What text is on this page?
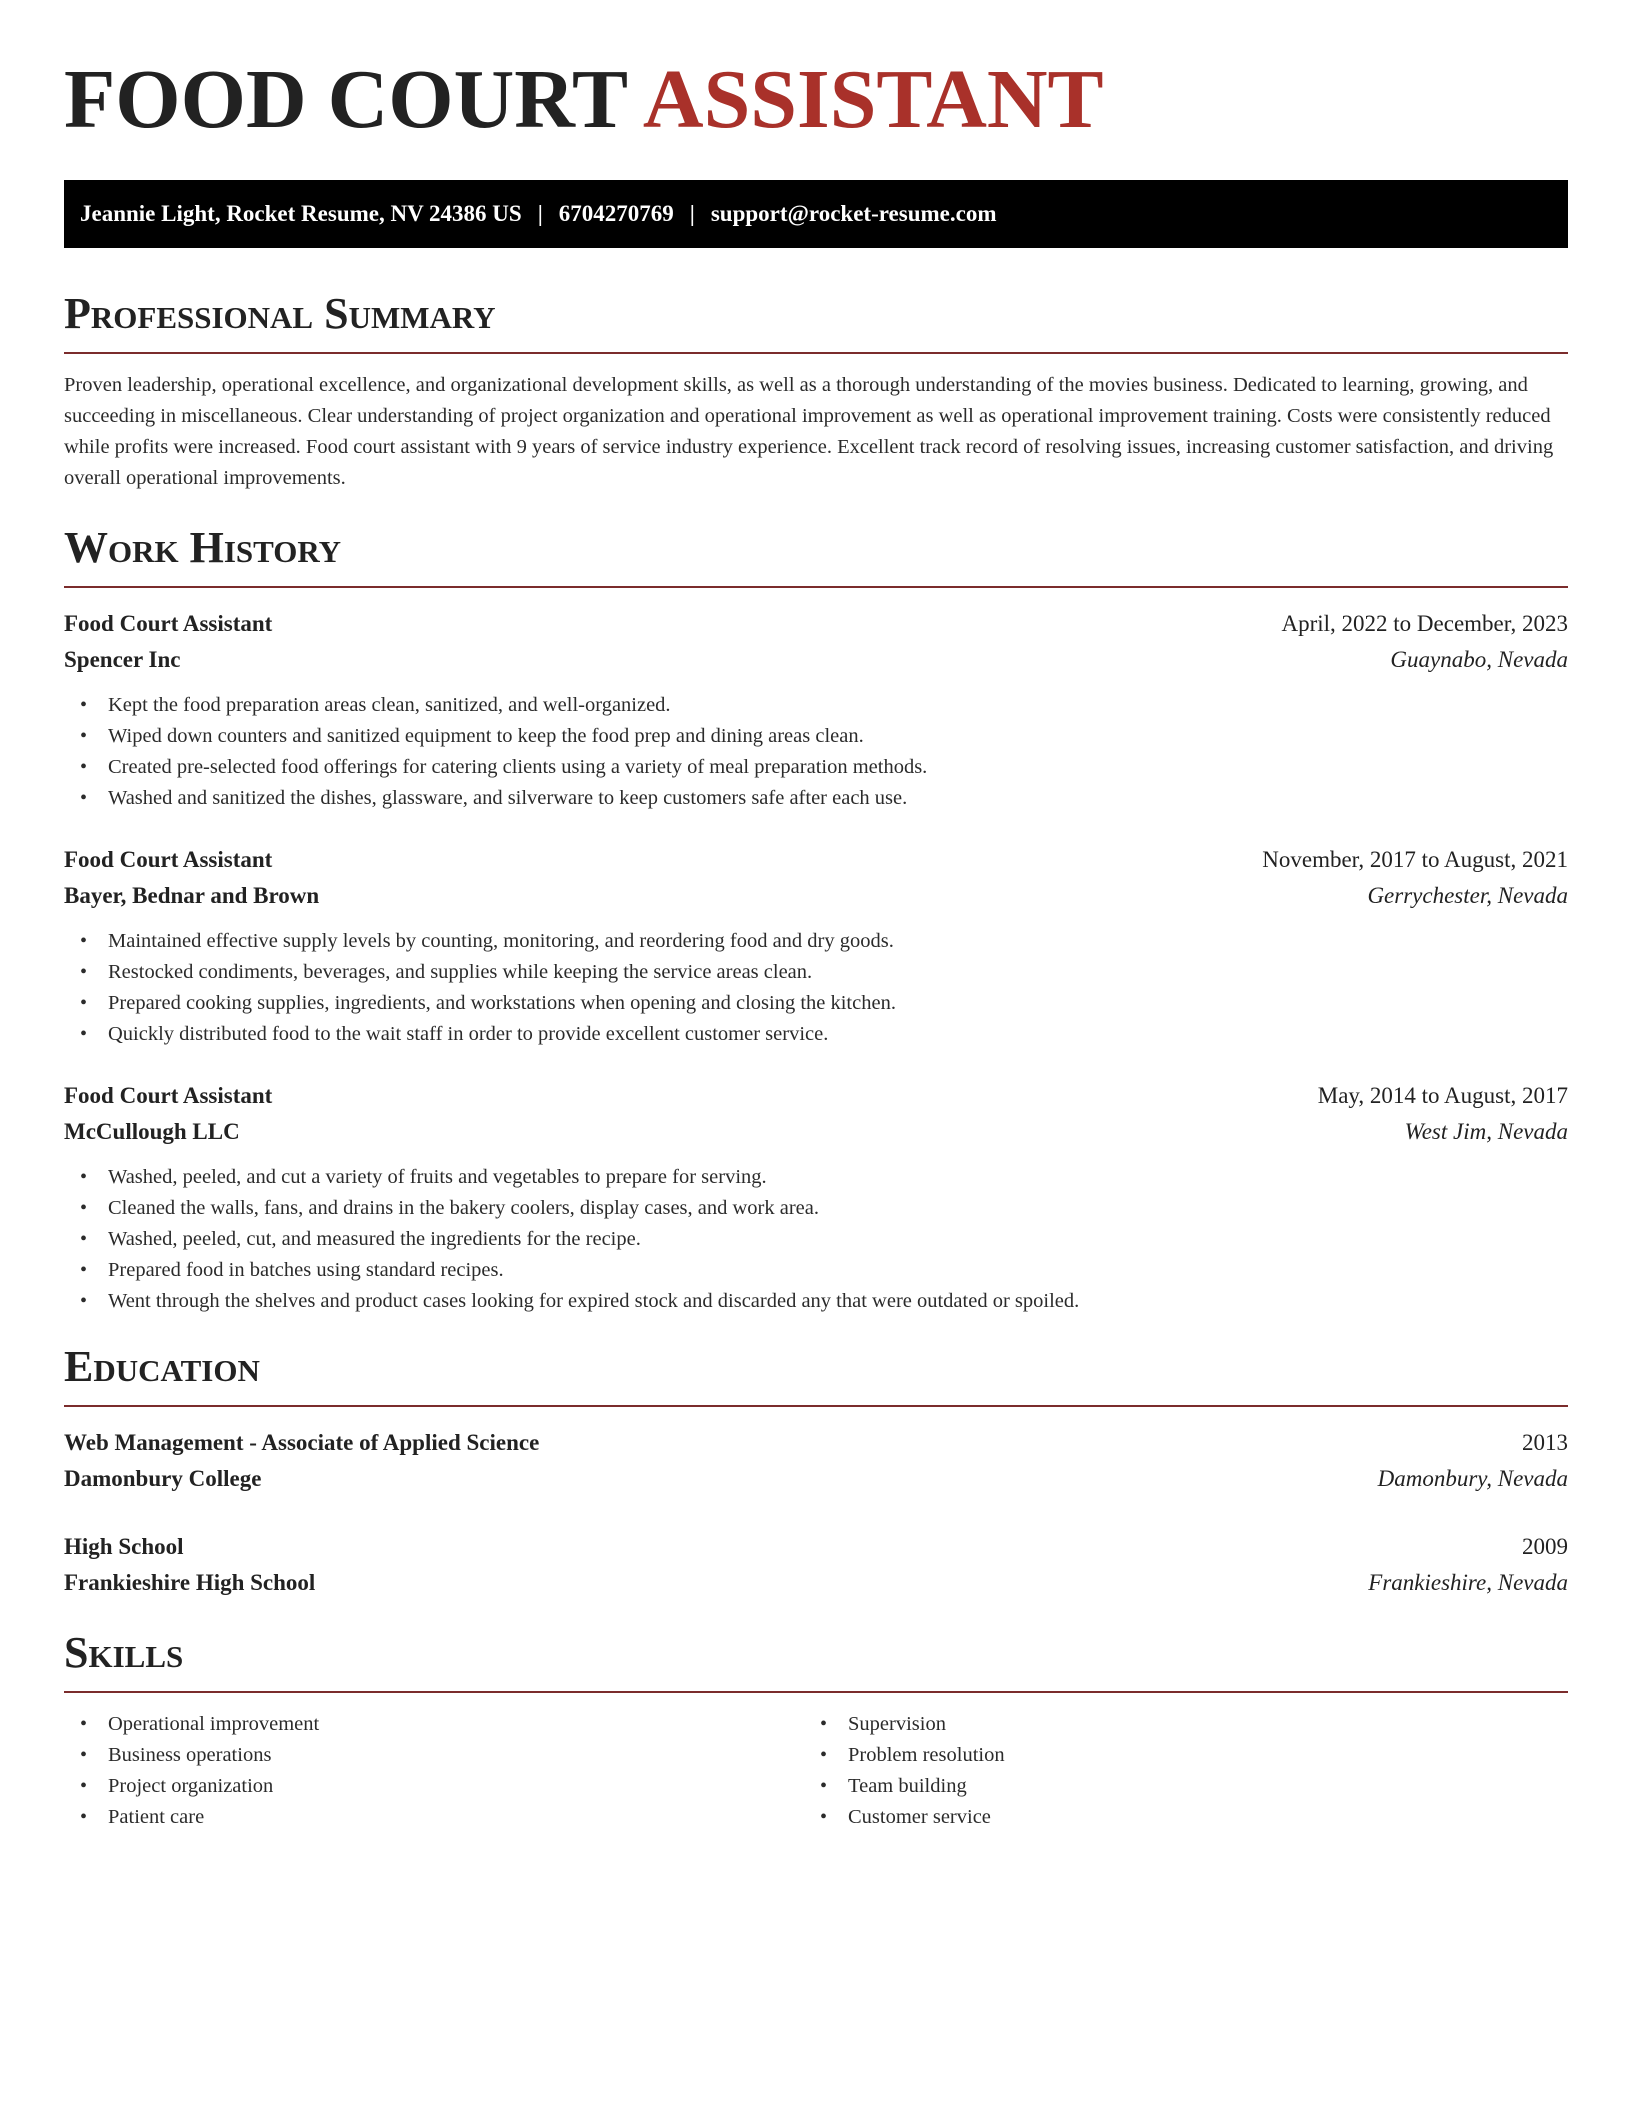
FOOD COURT ASSISTANT
Jeannie Light, Rocket Resume, NV 24386 US | 6704270769 | support@rocket-resume.com
Professional Summary

Proven leadership, operational excellence, and organizational development skills, as well as a thorough understanding of the movies business. Dedicated to learning, growing, and succeeding in miscellaneous. Clear understanding of project organization and operational improvement as well as operational improvement training. Costs were consistently reduced while profits were increased. Food court assistant with 9 years of service industry experience. Excellent track record of resolving issues, increasing customer satisfaction, and driving overall operational improvements.

Work History
Food Court Assistant	April, 2022 to December, 2023
Spencer Inc	Guaynabo, Nevada
• Kept the food preparation areas clean, sanitized, and well-organized.
• Wiped down counters and sanitized equipment to keep the food prep and dining areas clean.
• Created pre-selected food offerings for catering clients using a variety of meal preparation methods.
• Washed and sanitized the dishes, glassware, and silverware to keep customers safe after each use.
Food Court Assistant	November, 2017 to August, 2021
Bayer, Bednar and Brown	Gerrychester, Nevada
• Maintained effective supply levels by counting, monitoring, and reordering food and dry goods.
• Restocked condiments, beverages, and supplies while keeping the service areas clean.
• Prepared cooking supplies, ingredients, and workstations when opening and closing the kitchen.
• Quickly distributed food to the wait staff in order to provide excellent customer service.
Food Court Assistant	May, 2014 to August, 2017
McCullough LLC	West Jim, Nevada
• Washed, peeled, and cut a variety of fruits and vegetables to prepare for serving.
• Cleaned the walls, fans, and drains in the bakery coolers, display cases, and work area.
• Washed, peeled, cut, and measured the ingredients for the recipe.
• Prepared food in batches using standard recipes.
• Went through the shelves and product cases looking for expired stock and discarded any that were outdated or spoiled.
Education
Web Management - Associate of Applied Science	2013
Damonbury College	Damonbury, Nevada
High School	2009
Frankieshire High School	Frankieshire, Nevada
Skills
• Operational improvement
• Business operations
• Project organization
• Patient care
• Supervision
• Problem resolution
• Team building
• Customer service
